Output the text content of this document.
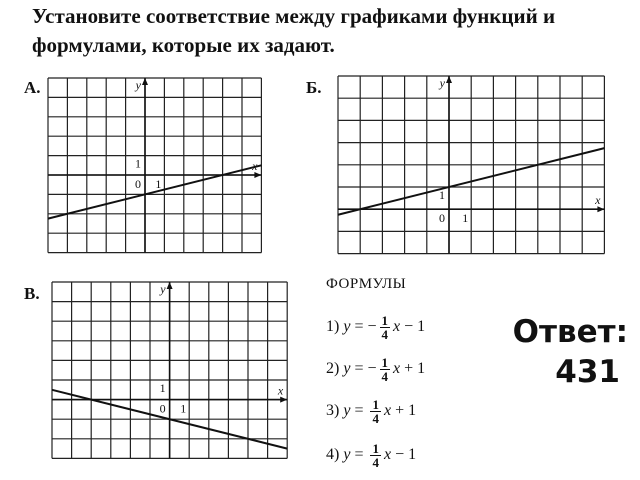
Установите соответствие между графиками функций и
формулами, которые их задают.
А.	y
x
1
0 1
Б.	y
x
1
0 1
В.	y
x
1
0 1
ФОРМУЛЫ
1) y = − $\frac{1}{4}$ x − 1
2) y = − $\frac{1}{4}$ x + 1
3) $y = \frac{1}{4}$ x + 1
4) $y = \frac{1}{4}$ x − 1
Ответ:
431
